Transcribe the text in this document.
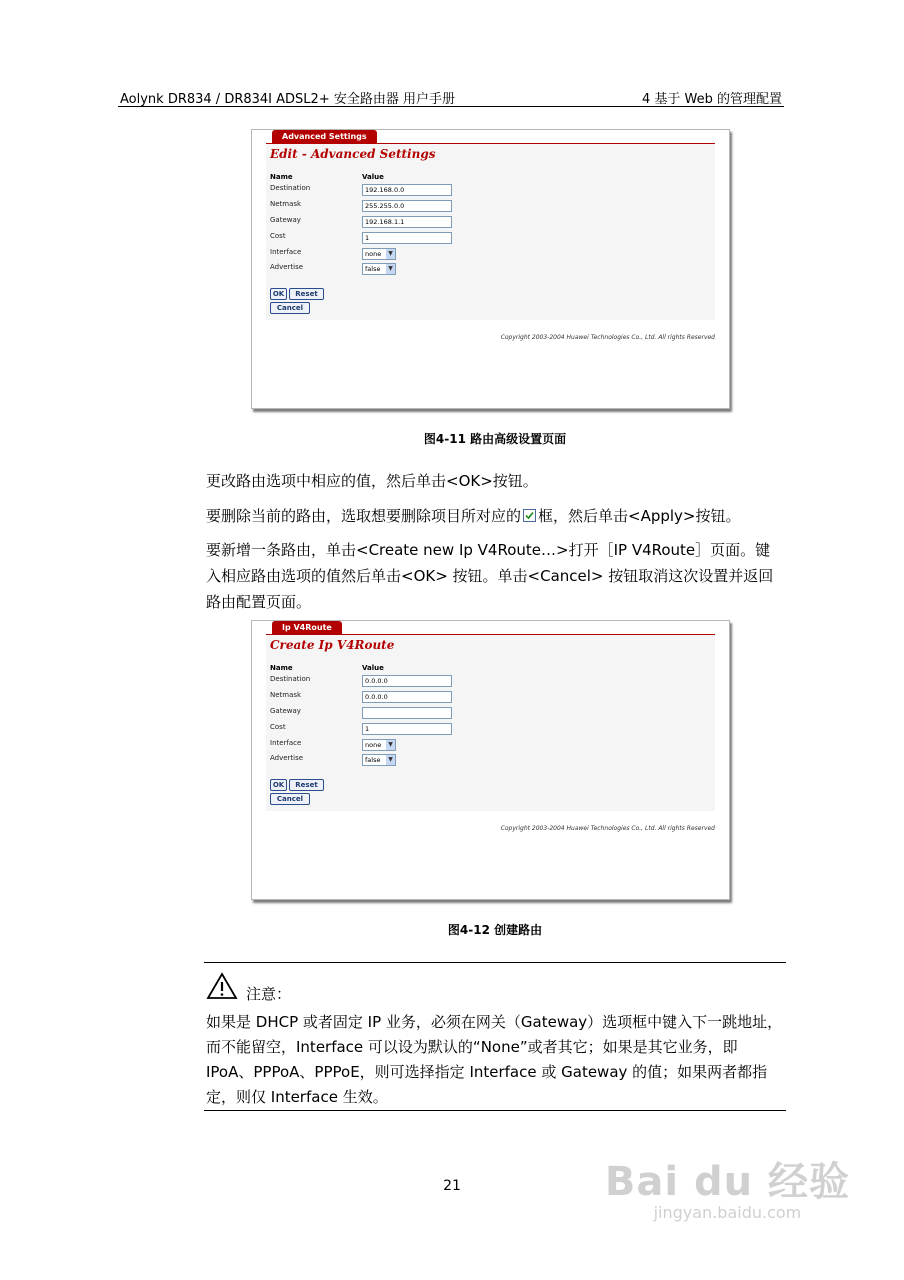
Aolynk DR834 / DR834I ADSL2+ 安全路由器 用户手册	4 基于 Web 的管理配置
Advanced Settings
Edit - Advanced Settings
Name	Value
Destination	192.168.0.0
Netmask	255.255.0.0
Gateway	192.168.1.1
Cost	1
Interface	none	▼
Advertise	false	▼
OK	Reset
Cancel
Copyright 2003-2004 Huawei Technologies Co., Ltd. All rights Reserved
图4-11 路由高级设置页面
更改路由选项中相应的值，然后单击<OK>按钮。
要删除当前的路由，选取想要删除项目所对应的 框，然后单击<Apply>按钮。
要新增一条路由，单击<Create new Ip V4Route…>打开［IP V4Route］页面。键入相应路由选项的值然后单击<OK> 按钮。单击<Cancel> 按钮取消这次设置并返回路由配置页面。
Ip V4Route
Create Ip V4Route
Name	Value
Destination	0.0.0.0
Netmask	0.0.0.0
Gateway
Cost	1
Interface	none	▼
Advertise	false	▼
OK	Reset
Cancel
Copyright 2003-2004 Huawei Technologies Co., Ltd. All rights Reserved
图4-12 创建路由
注意：
如果是 DHCP 或者固定 IP 业务，必须在网关（Gateway）选项框中键入下一跳地址，而不能留空，Interface 可以设为默认的“None”或者其它；如果是其它业务，即 IPoA、PPPoA、PPPoE，则可选择指定 Interface 或 Gateway 的值；如果两者都指定，则仅 Interface 生效。
21	Bai du 经验
jingyan.baidu.com
